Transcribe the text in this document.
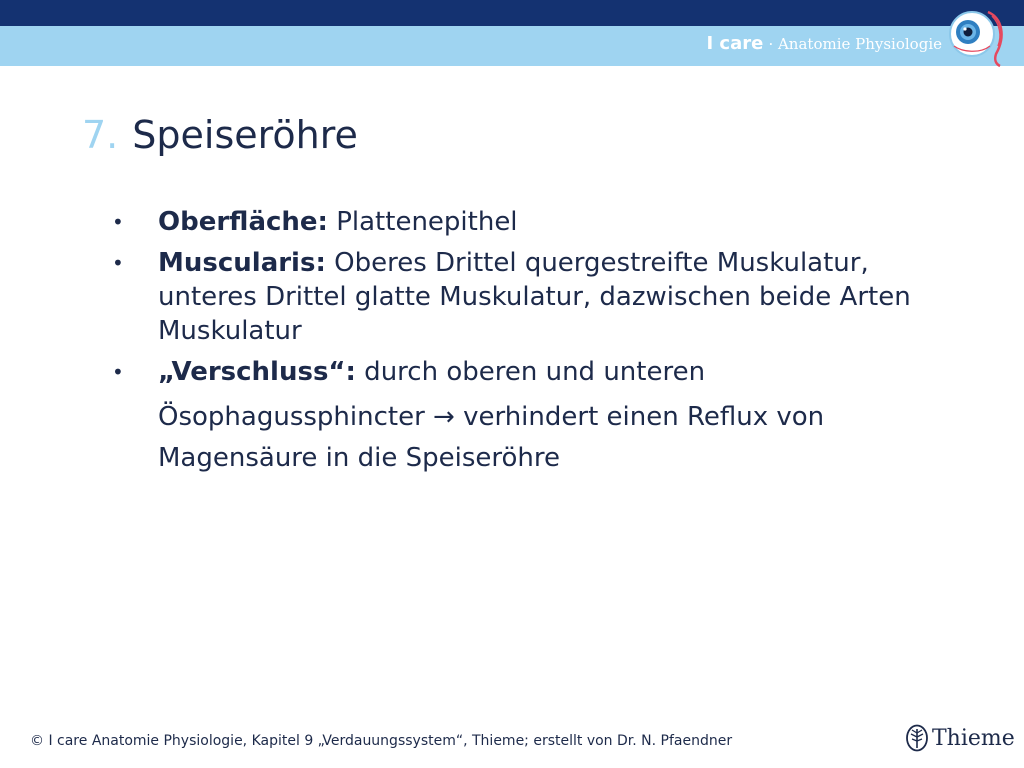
I care · Anatomie Physiologie
7. Speiseröhre
•	Oberfläche: Plattenepithel
•	Muscularis: Oberes Drittel quergestreifte Muskulatur, unteres Drittel glatte Muskulatur, dazwischen beide Arten Muskulatur
•	„Verschluss“: durch oberen und unteren
Ösophagussphincter → verhindert einen Reflux von Magensäure in die Speiseröhre
© I care Anatomie Physiologie, Kapitel 9 „Verdauungssystem“, Thieme; erstellt von Dr. N. Pfaendner	Thieme
